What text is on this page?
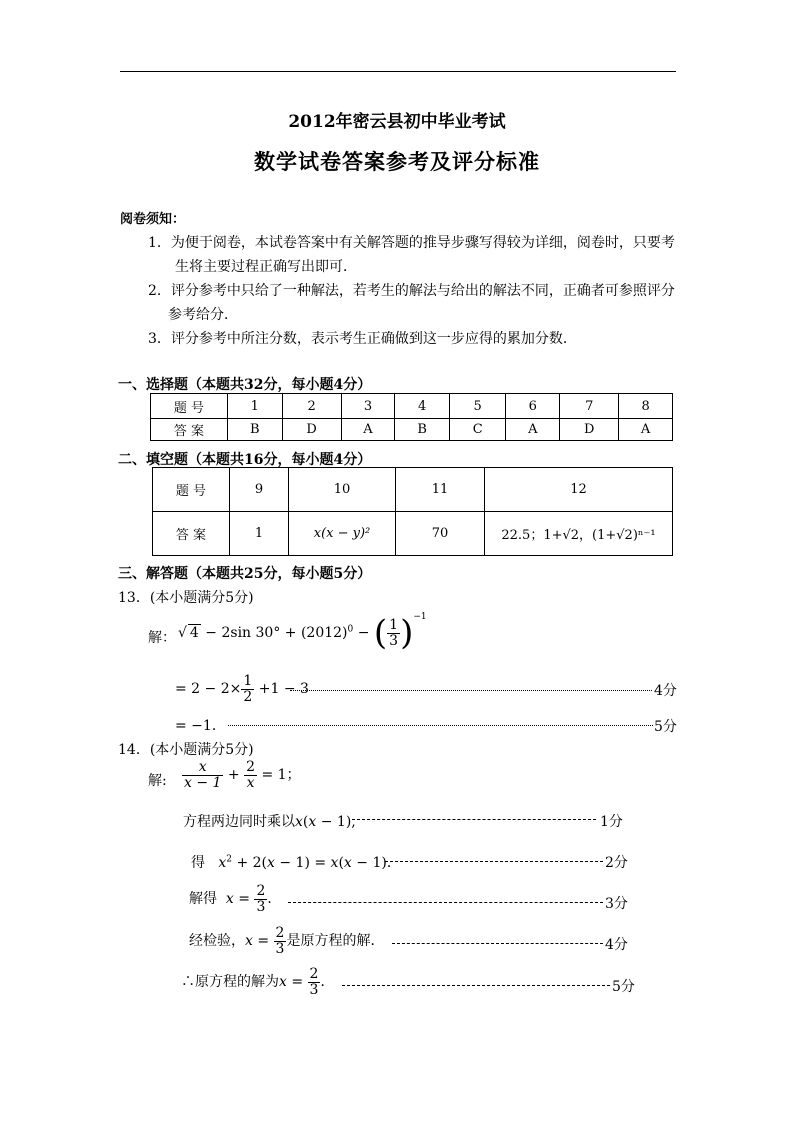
2012年密云县初中毕业考试
数学试卷答案参考及评分标准
阅卷须知：
1．为便于阅卷，本试卷答案中有关解答题的推导步骤写得较为详细，阅卷时，只要考
生将主要过程正确写出即可．
2．评分参考中只给了一种解法，若考生的解法与给出的解法不同，正确者可参照评分
参考给分．
3．评分参考中所注分数，表示考生正确做到这一步应得的累加分数．
一、选择题（本题共32分，每小题4分）
题 号	1	2	3	4	5	6	7	8
答 案	B	D	A	B	C	A	D	A
二、填空题（本题共16分，每小题4分）
题 号	9	10	11	12
答 案	1	x(x − y)²	70	22.5；1+√2，(1+√2)ⁿ⁻¹
三、解答题（本题共25分，每小题5分）
13．(本小题满分5分)
解： √ 4 − 2sin $30^\circ + (2012)^0$ − ( $\frac{1}{3} )^{-1}$
= $2 - 2\times \frac{1}{2} +1 - 3$	4分
= −1．	5分
14．(本小题满分5分)
解: $\frac{x}{x - 1} + \frac{2}{x} = 1$；
方程两边同时乘以x(x − 1),	1分
得 $x^2 + 2(x - 1) = x(x - 1)$．	2分
解得 $x = \frac{2}{3}$ ．	3分
经检验，$x = \frac{2}{3}$ 是原方程的解．	4分
∴原方程的解为$x = \frac{2}{3}$ ．	5分
